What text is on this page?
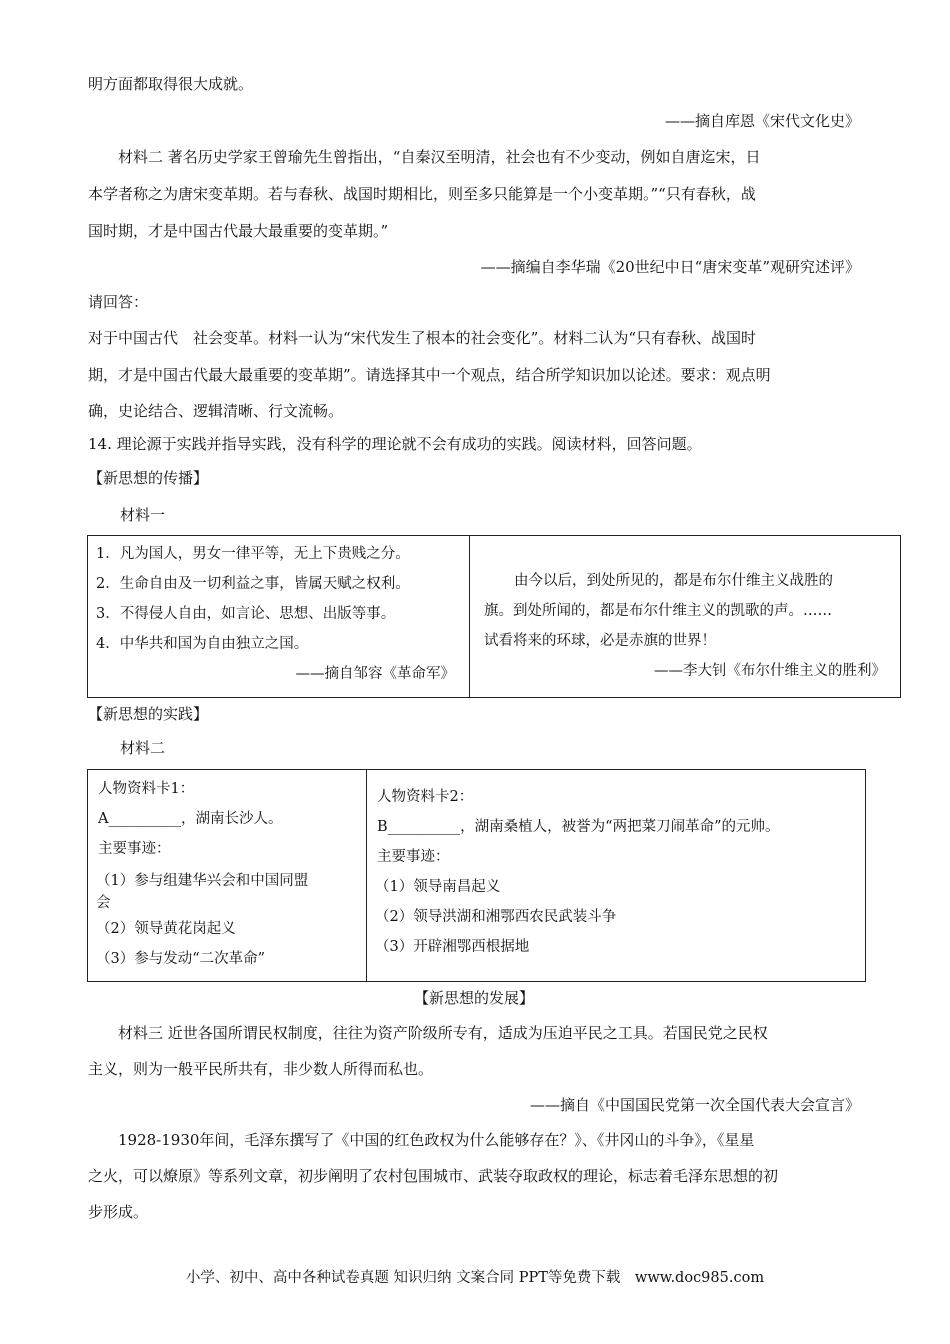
明方面都取得很大成就。
——摘自库恩《宋代文化史》
材料二 著名历史学家王曾瑜先生曾指出，“自秦汉至明清，社会也有不少变动，例如自唐迄宋，日
本学者称之为唐宋变革期。若与春秋、战国时期相比，则至多只能算是一个小变革期。”“只有春秋，战
国时期，才是中国古代最大最重要的变革期。”
——摘编自李华瑞《20世纪中日“唐宋变革”观研究述评》
请回答：
对于中国古代　社会变革。材料一认为“宋代发生了根本的社会变化”。材料二认为“只有春秋、战国时
期，才是中国古代最大最重要的变革期”。请选择其中一个观点，结合所学知识加以论述。要求：观点明
确，史论结合、逻辑清晰、行文流畅。
14. 理论源于实践并指导实践，没有科学的理论就不会有成功的实践。阅读材料，回答问题。
【新思想的传播】
材料一
1．凡为国人，男女一律平等，无上下贵贱之分。
2．生命自由及一切利益之事，皆属天赋之权利。
3．不得侵人自由，如言论、思想、出版等事。
4．中华共和国为自由独立之国。
——摘自邹容《革命军》

由今以后，到处所见的，都是布尔什维主义战胜的
旗。到处所闻的，都是布尔什维主义的凯歌的声。……
试看将来的环球，必是赤旗的世界！
——李大钊《布尔什维主义的胜利》
【新思想的实践】
材料二
人物资料卡1：
A__________，湖南长沙人。
主要事迹：
（1）参与组建华兴会和中国同盟
会
（2）领导黄花岗起义
（3）参与发动“二次革命”

人物资料卡2：
B__________，湖南桑植人，被誉为“两把菜刀闹革命”的元帅。
主要事迹：
（1）领导南昌起义
（2）领导洪湖和湘鄂西农民武装斗争
（3）开辟湘鄂西根据地
【新思想的发展】
材料三 近世各国所谓民权制度，往往为资产阶级所专有，适成为压迫平民之工具。若国民党之民权
主义，则为一般平民所共有，非少数人所得而私也。
——摘自《中国国民党第一次全国代表大会宣言》
1928-1930年间，毛泽东撰写了《中国的红色政权为什么能够存在？》、《井冈山的斗争》，《星星
之火，可以燎原》等系列文章，初步阐明了农村包围城市、武装夺取政权的理论，标志着毛泽东思想的初
步形成。
小学、初中、高中各种试卷真题 知识归纳 文案合同 PPT等免费下载　www.doc985.com
